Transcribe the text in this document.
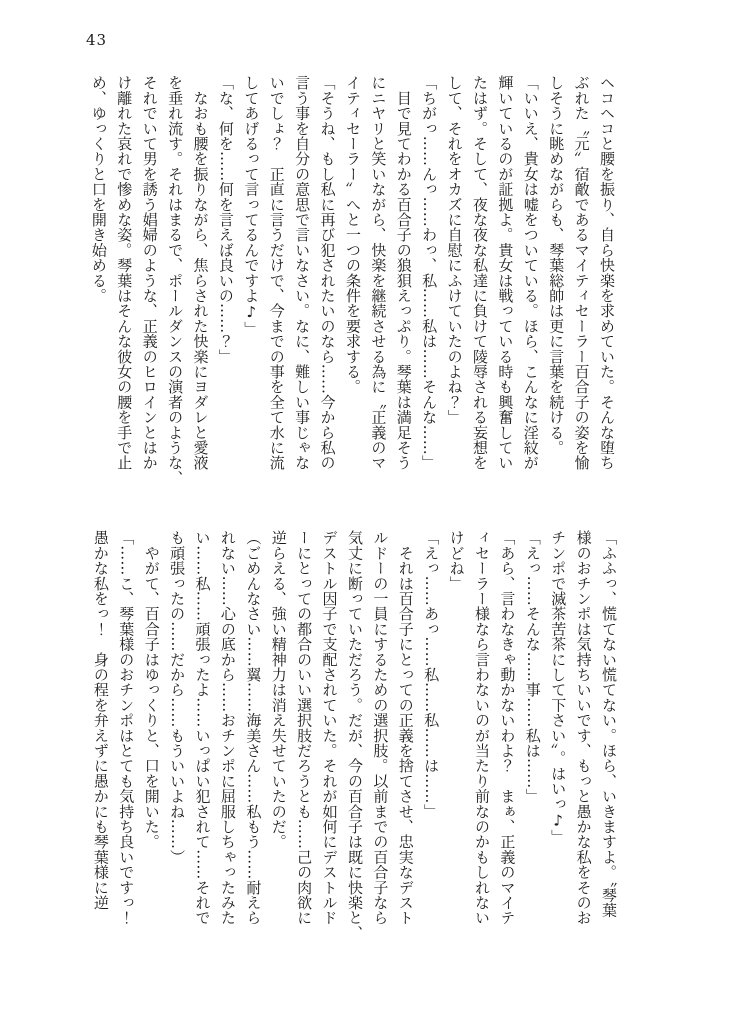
43

ヘコヘコと腰を振り、自ら快楽を求めていた。そんな堕ち

ぶれた〝元〟宿敵であるマイティセーラー百合子の姿を愉

しそうに眺めながらも、琴葉総帥は更に言葉を続ける。

「いいえ、貴女は嘘をついている。ほら、こんなに淫紋が

輝いているのが証拠よ。貴女は戦っている時も興奮してい

たはず。そして、夜な夜な私達に負けて陵辱される妄想を

して、それをオカズに自慰にふけていたのよね？」

「ちがっ……んっ……わっ、私……私は……そんな……」

　目で見てわかる百合子の狼狽えっぷり。琴葉は満足そう

にニヤリと笑いながら、快楽を継続させる為に〝正義のマ

イティセーラー〟へと一つの条件を要求する。

「そうね、もし私に再び犯されたいのなら……今から私の

言う事を自分の意思で言いなさい。なに、難しい事じゃな

いでしょ？　正直に言うだけで、今までの事を全て水に流

してあげるって言ってるんですよ♪」

「な、何を……何を言えば良いの……？」

　なおも腰を振りながら、焦らされた快楽にヨダレと愛液

を垂れ流す。それはまるで、ポールダンスの演者のような、

それでいて男を誘う娼婦のような、正義のヒロインとはか

け離れた哀れで惨めな姿。琴葉はそんな彼女の腰を手で止

め、ゆっくりと口を開き始める。

「ふふっ、慌てない慌てない。ほら、いきますよ。〝琴葉

様のおチンポは気持ちいいです、もっと愚かな私をそのお

チンポで滅茶苦茶にして下さい〟。はいっ♪」

「えっ……そんな……事……私は……」

「あら、言わなきゃ動かないわよ？　まぁ、正義のマイテ

ィセーラー様なら言わないのが当たり前なのかもしれない

けどね」

「えっ……あっ……私……私……は……」

　それは百合子にとっての正義を捨てさせ、忠実なデスト

ルドーの一員にするための選択肢。以前までの百合子なら

気丈に断っていただろう。だが、今の百合子は既に快楽と、

デストル因子で支配されていた。それが如何にデストルド

ーにとっての都合のいい選択肢だろうとも……己の肉欲に

逆らえる、強い精神力は消え失せていたのだ。

（ごめんなさい……翼……海美さん……私もう……耐えら

れない……心の底から……おチンポに屈服しちゃったみた

い……私……頑張ったよ……いっぱい犯されて……それで

も頑張ったの……だから……もういいよね……）

　やがて、百合子はゆっくりと、口を開いた。

「……こ、琴葉様のおチンポはとても気持ち良いですっ！

愚かな私をっ！　身の程を弁えずに愚かにも琴葉様に逆
